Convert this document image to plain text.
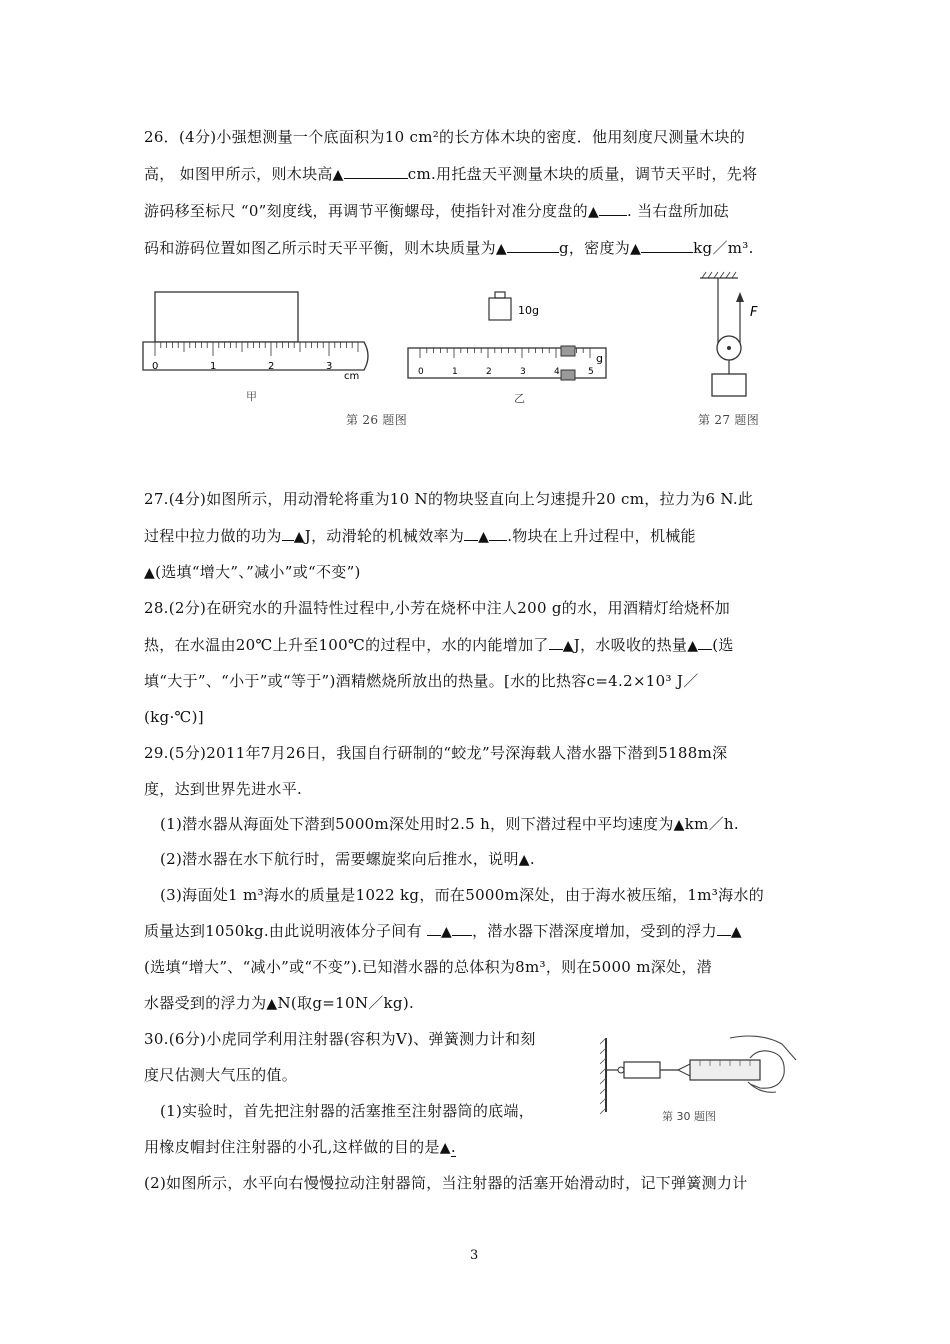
26．(4分)小强想测量一个底面积为10 cm²的长方体木块的密度．他用刻度尺测量木块的
高， 如图甲所示，则木块高▲	cm.用托盘天平测量木块的质量，调节天平时，先将
游码移至标尺 “0”刻度线，再调节平衡螺母，使指针对准分度盘的▲ . 当右盘所加砝
码和游码位置如图乙所示时天平平衡，则木块质量为▲	g，密度为▲	kg／m³.
0	1	2	3
cm
甲
第 26 题图
10g
0	1	2	3	4	5
g
乙
F
第 27 题图
27.(4分)如图所示，用动滑轮将重为10 N的物块竖直向上匀速提升20 cm，拉力为6 N.此
过程中拉力做的功为 ▲J，动滑轮的机械效率为 ▲ .物块在上升过程中，机械能
▲(选填“增大”、”减小”或“不变”)
28.(2分)在研究水的升温特性过程中,小芳在烧杯中注人200 g的水，用酒精灯给烧杯加
热，在水温由20℃上升至100℃的过程中，水的内能增加了 ▲J，水吸收的热量▲ (选
填“大于”、“小于”或“等于”)酒精燃烧所放出的热量。[水的比热容c=4.2×10³ J／
(kg·℃)]
29.(5分)2011年7月26日，我国自行研制的“蛟龙”号深海载人潜水器下潜到5188m深
度，达到世界先进水平.
(1)潜水器从海面处下潜到5000m深处用时2.5 h，则下潜过程中平均速度为▲km／h.
(2)潜水器在水下航行时，需要螺旋桨向后推水，说明▲.
(3)海面处1 m³海水的质量是1022 kg，而在5000m深处，由于海水被压缩，1m³海水的
质量达到1050kg.由此说明液体分子间有 ▲ ，潜水器下潜深度增加，受到的浮力 ▲
(选填“增大”、“减小”或“不变”).已知潜水器的总体积为8m³，则在5000 m深处，潜
水器受到的浮力为▲N(取g=10N／kg).
30.(6分)小虎同学利用注射器(容积为V)、弹簧测力计和刻
度尺估测大气压的值。
(1)实验时，首先把注射器的活塞推至注射器筒的底端，
用橡皮帽封住注射器的小孔,这样做的目的是▲.
(2)如图所示，水平向右慢慢拉动注射器筒，当注射器的活塞开始滑动时，记下弹簧测力计
第 30 题图
3
